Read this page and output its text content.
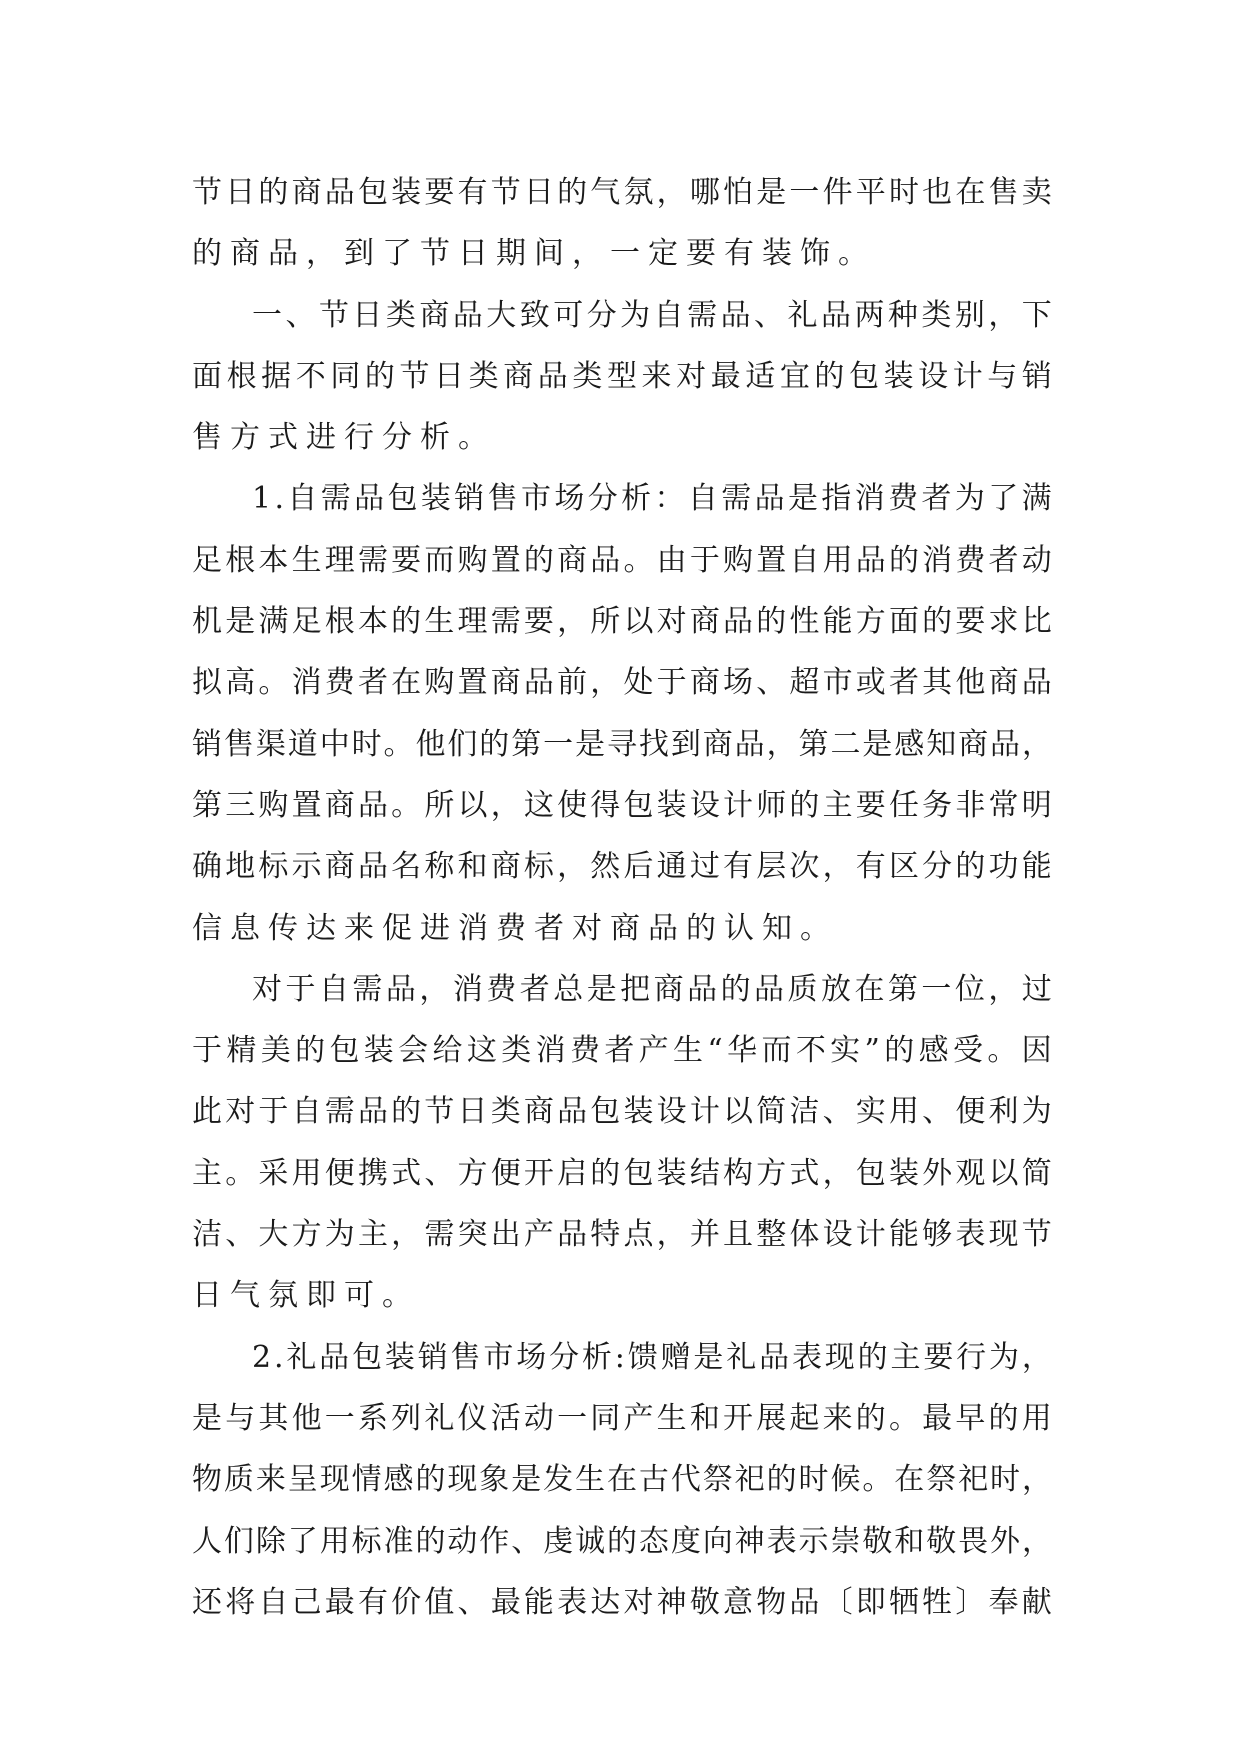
节 日 的 商 品 包 装 要 有 节 日 的 气 氛 ， 哪 怕 是 一 件 平 时 也 在 售 卖
的商品，到了节日期间，一定要有装饰。
一 、 节 日 类 商 品 大 致 可 分 为 自 需 品 、 礼 品 两 种 类 别 ， 下
面 根 据 不 同 的 节 日 类 商 品 类 型 来 对 最 适 宜 的 包 装 设 计 与 销
售方式进行分析。
1 . 自 需 品 包 装 销 售 市 场 分 析 ： 自 需 品 是 指 消 费 者 为 了 满
足 根 本 生 理 需 要 而 购 置 的 商 品 。 由 于 购 置 自 用 品 的 消 费 者 动
机 是 满 足 根 本 的 生 理 需 要 ， 所 以 对 商 品 的 性 能 方 面 的 要 求 比
拟 高 。 消 费 者 在 购 置 商 品 前 ， 处 于 商 场 、 超 市 或 者 其 他 商 品
销 售 渠 道 中 时 。 他 们 的 第 一 是 寻 找 到 商 品 ， 第 二 是 感 知 商 品 ，
第 三 购 置 商 品 。 所 以 ， 这 使 得 包 装 设 计 师 的 主 要 任 务 非 常 明
确 地 标 示 商 品 名 称 和 商 标 ， 然 后 通 过 有 层 次 ， 有 区 分 的 功 能
信息传达来促进消费者对商品的认知。
对 于 自 需 品 ， 消 费 者 总 是 把 商 品 的 品 质 放 在 第 一 位 ， 过
于 精 美 的 包 装 会 给 这 类 消 费 者 产 生 “ 华 而 不 实 ” 的 感 受 。 因
此 对 于 自 需 品 的 节 日 类 商 品 包 装 设 计 以 简 洁 、 实 用 、 便 利 为
主 。 采 用 便 携 式 、 方 便 开 启 的 包 装 结 构 方 式 ， 包 装 外 观 以 简
洁 、 大 方 为 主 ， 需 突 出 产 品 特 点 ， 并 且 整 体 设 计 能 够 表 现 节
日气氛即可。
2 . 礼 品 包 装 销 售 市 场 分 析 : 馈 赠 是 礼 品 表 现 的 主 要 行 为 ，
是 与 其 他 一 系 列 礼 仪 活 动 一 同 产 生 和 开 展 起 来 的 。 最 早 的 用
物 质 来 呈 现 情 感 的 现 象 是 发 生 在 古 代 祭 祀 的 时 候 。 在 祭 祀 时 ，
人 们 除 了 用 标 准 的 动 作 、 虔 诚 的 态 度 向 神 表 示 崇 敬 和 敬 畏 外 ，
还 将 自 己 最 有 价 值 、 最 能 表 达 对 神 敬 意 物 品 〔 即 牺 牲 〕 奉 献
